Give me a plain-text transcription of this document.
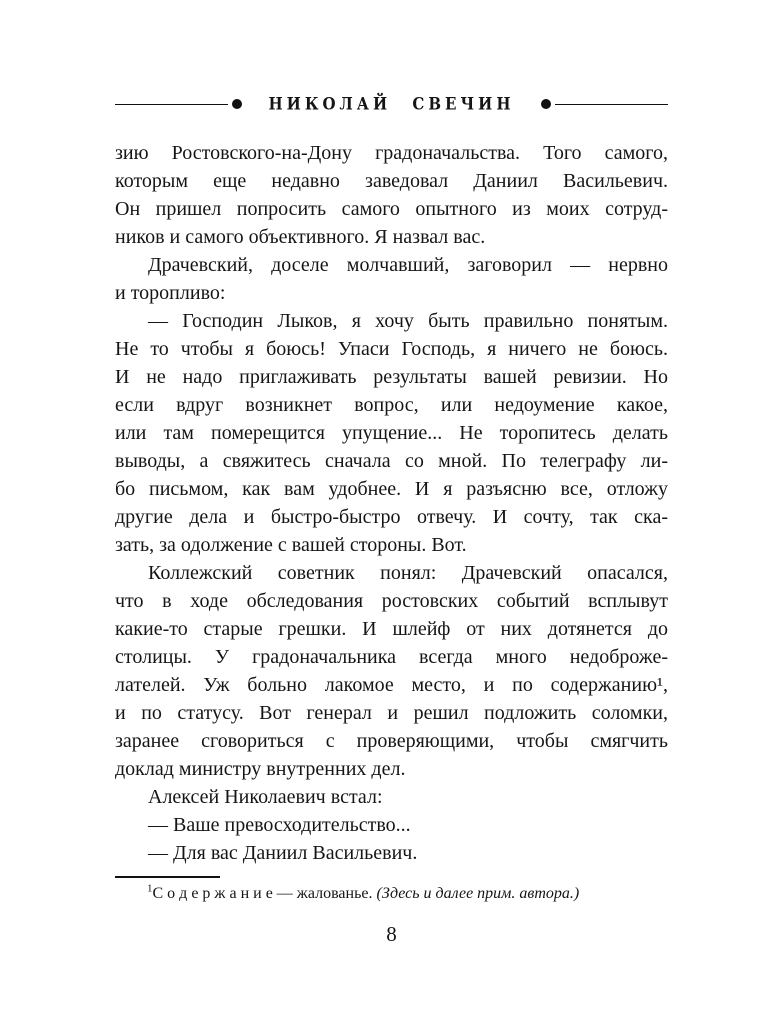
НИКОЛАЙ СВЕЧИН
зию Ростовского-на-Дону градоначальства. Того самого,
которым еще недавно заведовал Даниил Васильевич.
Он пришел попросить самого опытного из моих сотруд-
ников и самого объективного. Я назвал вас.
Драчевский, доселе молчавший, заговорил — нервно
и торопливо:
— Господин Лыков, я хочу быть правильно понятым.
Не то чтобы я боюсь! Упаси Господь, я ничего не боюсь.
И не надо приглаживать результаты вашей ревизии. Но
если вдруг возникнет вопрос, или недоумение какое,
или там померещится упущение... Не торопитесь делать
выводы, а свяжитесь сначала со мной. По телеграфу ли-
бо письмом, как вам удобнее. И я разъясню все, отложу
другие дела и быстро-быстро отвечу. И сочту, так ска-
зать, за одолжение с вашей стороны. Вот.
Коллежский советник понял: Драчевский опасался,
что в ходе обследования ростовских событий всплывут
какие-то старые грешки. И шлейф от них дотянется до
столицы. У градоначальника всегда много недоброже-
лателей. Уж больно лакомое место, и по содержанию¹,
и по статусу. Вот генерал и решил подложить соломки,
заранее сговориться с проверяющими, чтобы смягчить
доклад министру внутренних дел.
Алексей Николаевич встал:
— Ваше превосходительство...
— Для вас Даниил Васильевич.
$^1$С о д е р ж а н и е — жалованье. (Здесь и далее прим. автора.)
8
